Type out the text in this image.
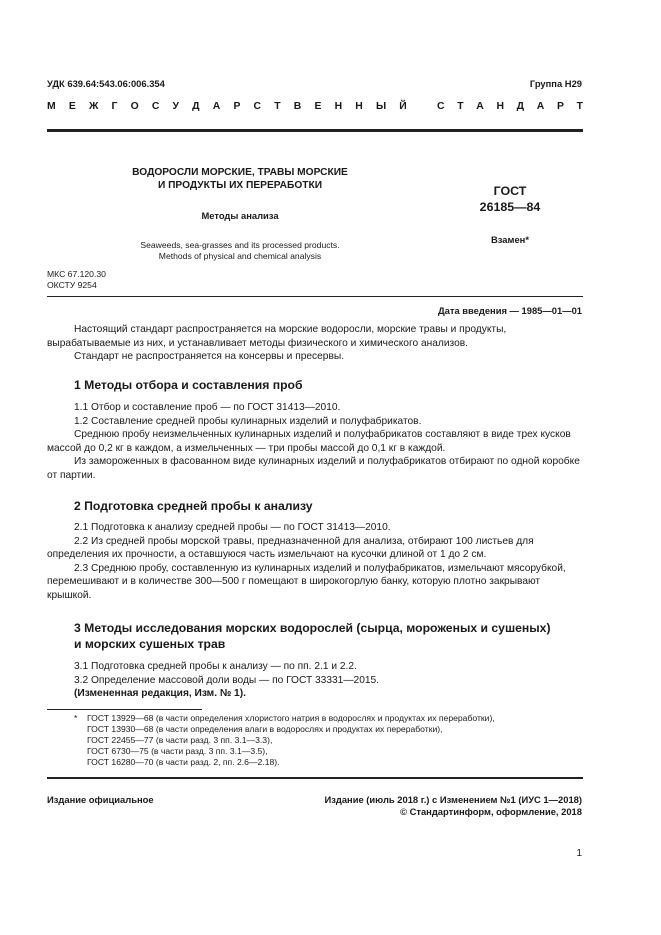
УДК 639.64:543.06:006.354	Группа Н29
М Е Ж Г О С У Д А Р С Т В Е Н Н Ы Й	С Т А Н Д А Р Т
ВОДОРОСЛИ МОРСКИЕ, ТРАВЫ МОРСКИЕ
И ПРОДУКТЫ ИХ ПЕРЕРАБОТКИ
Методы анализа
Seaweeds, sea-grasses and its processed products.
Methods of physical and chemical analysis
ГОСТ
26185—84
Взамен*
МКС 67.120.30
ОКСТУ 9254
Дата введения — 1985—01—01

Настоящий стандарт распространяется на морские водоросли, морские травы и продукты, вырабатываемые из них, и устанавливает методы физического и химического анализов.

Стандарт не распространяется на консервы и пресервы.

1 Методы отбора и составления проб

1.1 Отбор и составление проб — по ГОСТ 31413—2010.

1.2 Составление средней пробы кулинарных изделий и полуфабрикатов.

Среднюю пробу неизмельченных кулинарных изделий и полуфабрикатов составляют в виде трех кусков массой до 0,2 кг в каждом, а измельченных — три пробы массой до 0,1 кг в каждой.

Из замороженных в фасованном виде кулинарных изделий и полуфабрикатов отбирают по одной коробке от партии.

2 Подготовка средней пробы к анализу

2.1 Подготовка к анализу средней пробы — по ГОСТ 31413—2010.

2.2 Из средней пробы морской травы, предназначенной для анализа, отбирают 100 листьев для определения их прочности, а оставшуюся часть измельчают на кусочки длиной от 1 до 2 см.

2.3 Среднюю пробу, составленную из кулинарных изделий и полуфабрикатов, измельчают мясорубкой, перемешивают и в количестве 300—500 г помещают в широкогорлую банку, которую плотно закрывают крышкой.

3 Методы исследования морских водорослей (сырца, мороженых и сушеных)
и морских сушеных трав

3.1 Подготовка средней пробы к анализу — по пп. 2.1 и 2.2.

3.2 Определение массовой доли воды — по ГОСТ 33331—2015.

(Измененная редакция, Изм. № 1).

* ГОСТ 13929—68 (в части определения хлористого натрия в водорослях и продуктах их переработки),
ГОСТ 13930—68 (в части определения влаги в водорослях и продуктах их переработки),
ГОСТ 22455—77 (в части разд. 3 пп. 3.1—3.3),
ГОСТ 6730—75 (в части разд. 3 пп. 3.1—3.5),
ГОСТ 16280—70 (в части разд. 2, пп. 2.6—2.18).
Издание официальное	Издание (июль 2018 г.) с Изменением №1 (ИУС 1—2018)
© Стандартинформ, оформление, 2018
1
